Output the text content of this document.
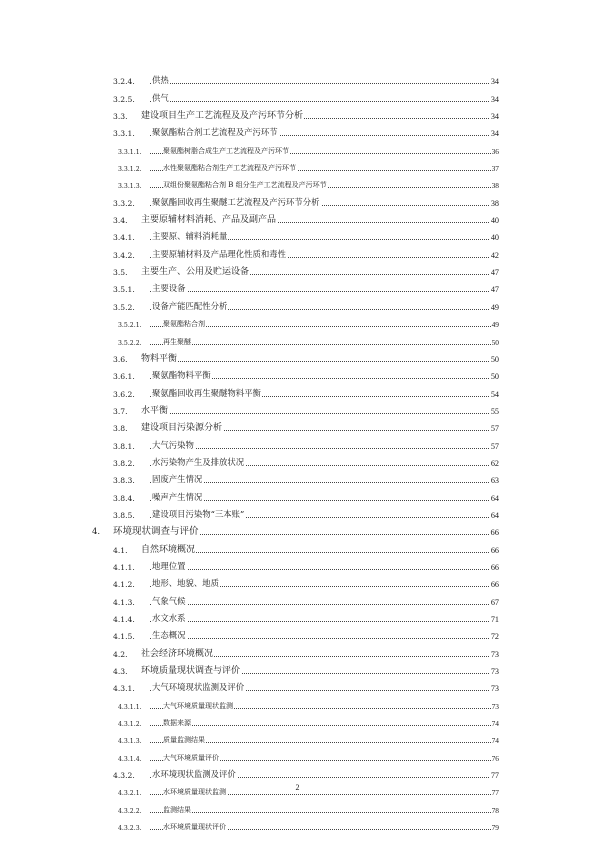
3.2.4. 供热	34
3.2.5. 供气	34
3.3. 建设项目生产工艺流程及及产污环节分析	34
3.3.1. 聚氨酯粘合剂工艺流程及产污环节	34
3.3.1.1.	聚氨酯树脂合成生产工艺流程及产污环节	36
3.3.1.2.	水性聚氨酯粘合剂生产工艺流程及产污环节	37
3.3.1.3.	双组份聚氨酯粘合剂 B 组分生产工艺流程及产污环节	38
3.3.2. 聚氨酯回收再生聚醚工艺流程及产污环节分析	38
3.4. 主要原辅材料消耗、产品及副产品	40
3.4.1. 主要原、辅料消耗量	40
3.4.2. 主要原辅材料及产品理化性质和毒性	42
3.5. 主要生产、公用及贮运设备	47
3.5.1. 主要设备	47
3.5.2. 设备产能匹配性分析	49
3.5.2.1.	聚氨酯粘合剂	49
3.5.2.2.	再生聚醚	50
3.6. 物料平衡	50
3.6.1. 聚氨酯物料平衡	50
3.6.2. 聚氨酯回收再生聚醚物料平衡	54
3.7. 水平衡	55
3.8. 建设项目污染源分析	57
3.8.1. 大气污染物	57
3.8.2. 水污染物产生及排放状况	62
3.8.3. 固废产生情况	63
3.8.4. 噪声产生情况	64
3.8.5. 建设项目污染物“三本账”	64
4. 环境现状调查与评价	66
4.1. 自然环境概况	66
4.1.1. 地理位置	66
4.1.2. 地形、地貌、地质	66
4.1.3. 气象气候	67
4.1.4. 水文水系	71
4.1.5. 生态概况	72
4.2. 社会经济环境概况	73
4.3. 环境质量现状调查与评价	73
4.3.1. 大气环境现状监测及评价	73
4.3.1.1.	大气环境质量现状监测	73
4.3.1.2.	数据来源	74
4.3.1.3.	质量监测结果	74
4.3.1.4.	大气环境质量评价	76
4.3.2. 水环境现状监测及评价	77
4.3.2.1.	水环境质量现状监测	77
4.3.2.2.	监测结果	78
4.3.2.3.	水环境质量现状评价	79
2
